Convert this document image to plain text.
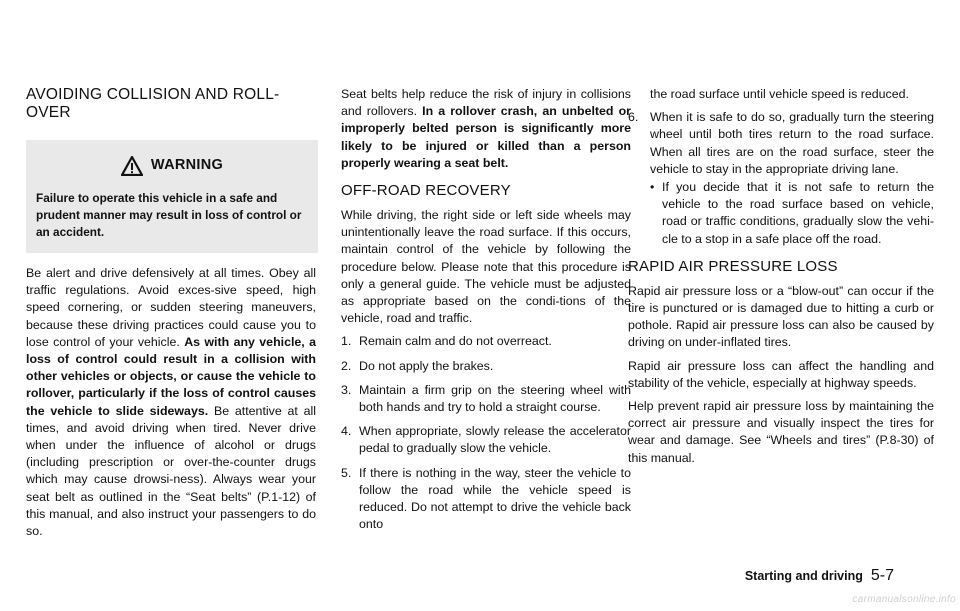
AVOIDING COLLISION AND ROLL-OVER
WARNING
Failure to operate this vehicle in a safe and prudent manner may result in loss of control or an accident.

Be alert and drive defensively at all times. Obey all traffic regulations. Avoid exces-sive speed, high speed cornering, or sudden steering maneuvers, because these driving practices could cause you to lose control of your vehicle. As with any vehicle, a loss of control could result in a collision with other vehicles or objects, or cause the vehicle to rollover, particularly if the loss of control causes the vehicle to slide sideways. Be attentive at all times, and avoid driving when tired. Never drive when under the influence of alcohol or drugs (including prescription or over-the-counter drugs which may cause drowsi-ness). Always wear your seat belt as outlined in the “Seat belts” (P.1-12) of this manual, and also instruct your passengers to do so.

Seat belts help reduce the risk of injury in collisions and rollovers. In a rollover crash, an unbelted or improperly belted person is significantly more likely to be injured or killed than a person properly wearing a seat belt.

OFF-ROAD RECOVERY

While driving, the right side or left side wheels may unintentionally leave the road surface. If this occurs, maintain control of the vehicle by following the procedure below. Please note that this procedure is only a general guide. The vehicle must be adjusted as appropriate based on the condi-tions of the vehicle, road and traffic.

1. Remain calm and do not overreact.
2. Do not apply the brakes.
3. Maintain a firm grip on the steering wheel with both hands and try to hold a straight course.
4. When appropriate, slowly release the accelerator pedal to gradually slow the vehicle.
5. If there is nothing in the way, steer the vehicle to follow the road while the vehicle speed is reduced. Do not attempt to drive the vehicle back onto

the road surface until vehicle speed is reduced.

6. When it is safe to do so, gradually turn the steering wheel until both tires return to the road surface. When all tires are on the road surface, steer the vehicle to stay in the appropriate driving lane.
• If you decide that it is not safe to return the vehicle to the road surface based on vehicle, road or traffic conditions, gradually slow the vehi-cle to a stop in a safe place off the road.
RAPID AIR PRESSURE LOSS

Rapid air pressure loss or a “blow-out” can occur if the tire is punctured or is damaged due to hitting a curb or pothole. Rapid air pressure loss can also be caused by driving on under-inflated tires.

Rapid air pressure loss can affect the handling and stability of the vehicle, especially at highway speeds.

Help prevent rapid air pressure loss by maintaining the correct air pressure and visually inspect the tires for wear and damage. See “Wheels and tires” (P.8-30) of this manual.

Starting and driving 5-7
carmanualsonline.info
